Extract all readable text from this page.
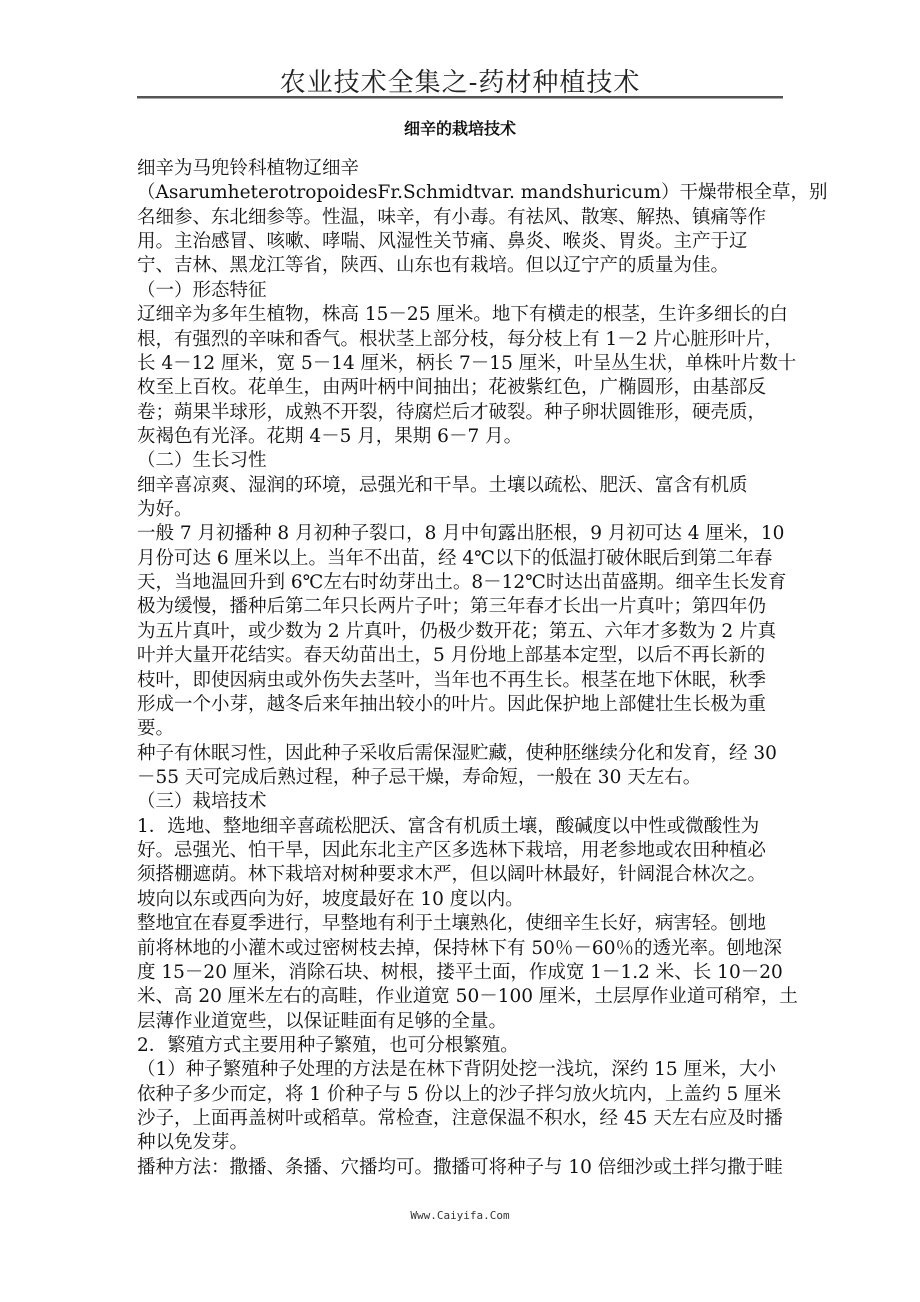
农业技术全集之-药材种植技术
细辛的栽培技术
细辛为马兜铃科植物辽细辛
（AsarumheterotropoidesFr.Schmidtvar. mandshuricum）干燥带根全草，别
名细参、东北细参等。性温，味辛，有小毒。有祛风、散寒、解热、镇痛等作
用。主治感冒、咳嗽、哮喘、风湿性关节痛、鼻炎、喉炎、胃炎。主产于辽
宁、吉林、黑龙江等省，陕西、山东也有栽培。但以辽宁产的质量为佳。
（一）形态特征
辽细辛为多年生植物，株高 15－25 厘米。地下有横走的根茎，生许多细长的白
根，有强烈的辛味和香气。根状茎上部分枝，每分枝上有 1－2 片心脏形叶片，
长 4－12 厘米，宽 5－14 厘米，柄长 7－15 厘米，叶呈丛生状，单株叶片数十
枚至上百枚。花单生，由两叶柄中间抽出；花被紫红色，广椭圆形，由基部反
卷；蒴果半球形，成熟不开裂，待腐烂后才破裂。种子卵状圆锥形，硬壳质，
灰褐色有光泽。花期 4－5 月，果期 6－7 月。
（二）生长习性
细辛喜凉爽、湿润的环境，忌强光和干旱。土壤以疏松、肥沃、富含有机质
为好。
一般 7 月初播种 8 月初种子裂口，8 月中旬露出胚根，9 月初可达 4 厘米，10
月份可达 6 厘米以上。当年不出苗，经 4℃以下的低温打破休眠后到第二年春
天，当地温回升到 6℃左右时幼芽出土。8－12℃时达出苗盛期。细辛生长发育
极为缓慢，播种后第二年只长两片子叶；第三年春才长出一片真叶；第四年仍
为五片真叶，或少数为 2 片真叶，仍极少数开花；第五、六年才多数为 2 片真
叶并大量开花结实。春天幼苗出土，5 月份地上部基本定型，以后不再长新的
枝叶，即使因病虫或外伤失去茎叶，当年也不再生长。根茎在地下休眠，秋季
形成一个小芽，越冬后来年抽出较小的叶片。因此保护地上部健壮生长极为重
要。
种子有休眠习性，因此种子采收后需保湿贮藏，使种胚继续分化和发育，经 30
－55 天可完成后熟过程，种子忌干燥，寿命短，一般在 30 天左右。
（三）栽培技术
1．选地、整地细辛喜疏松肥沃、富含有机质土壤，酸碱度以中性或微酸性为
好。忌强光、怕干旱，因此东北主产区多选林下栽培，用老参地或农田种植必
须搭棚遮荫。林下栽培对树种要求木严，但以阔叶林最好，针阔混合林次之。
坡向以东或西向为好，坡度最好在 10 度以内。
整地宜在春夏季进行，早整地有利于土壤熟化，使细辛生长好，病害轻。刨地
前将林地的小灌木或过密树枝去掉，保持林下有 50％－60％的透光率。刨地深
度 15－20 厘米，消除石块、树根，搂平土面，作成宽 1－1.2 米、长 10－20
米、高 20 厘米左右的高畦，作业道宽 50－100 厘米，土层厚作业道可稍窄，土
层薄作业道宽些，以保证畦面有足够的全量。
2．繁殖方式主要用种子繁殖，也可分根繁殖。
（1）种子繁殖种子处理的方法是在林下背阴处挖一浅坑，深约 15 厘米，大小
依种子多少而定，将 1 价种子与 5 份以上的沙子拌匀放火坑内，上盖约 5 厘米
沙子，上面再盖树叶或稻草。常检查，注意保温不积水，经 45 天左右应及时播
种以免发芽。
播种方法：撒播、条播、穴播均可。撒播可将种子与 10 倍细沙或土拌匀撒于畦
Www.Caiyifa.Com
